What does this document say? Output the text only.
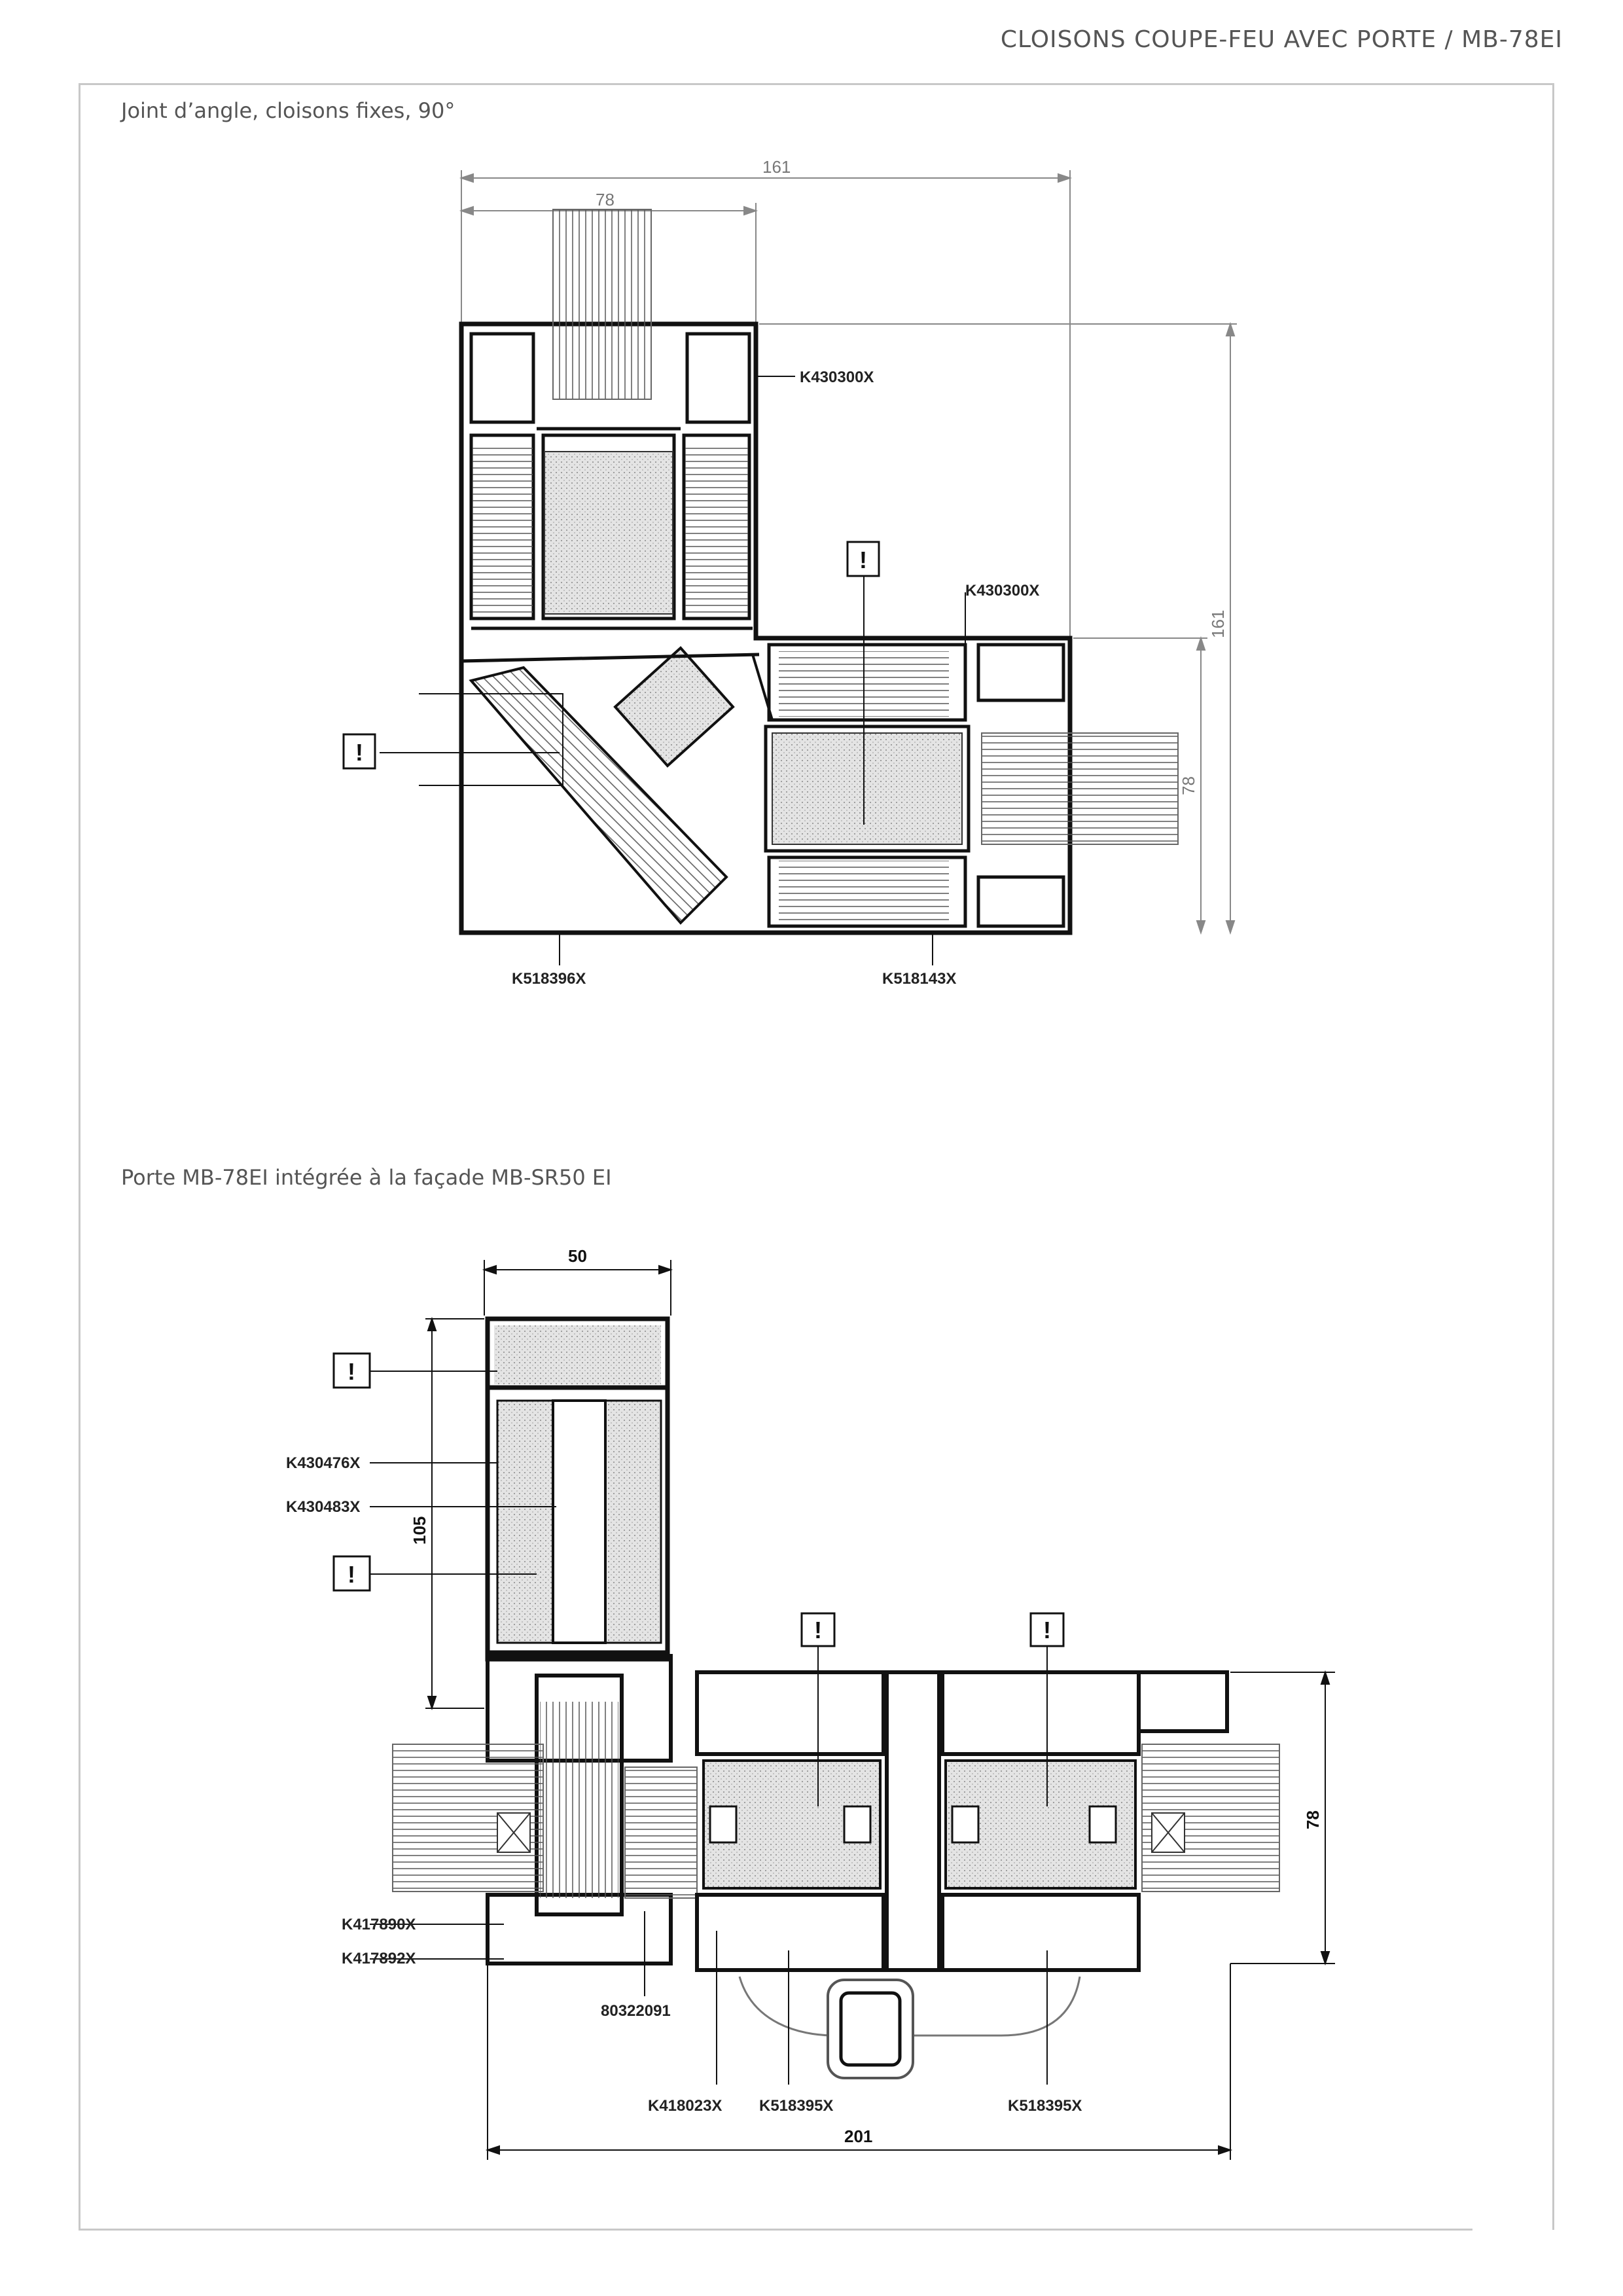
CLOISONS COUPE-FEU AVEC PORTE / MB-78EI
Joint d’angle, cloisons fixes, 90°
Porte MB-78EI intégrée à la façade MB-SR50 EI
161
78
161
78
K430300X
K430300X
K518396X	K518143X
!
!
50
105
78
201
K430476X
K430483X
K417890X
K417892X
80322091
K418023X K518395X	K518395X
!
!
!	!
